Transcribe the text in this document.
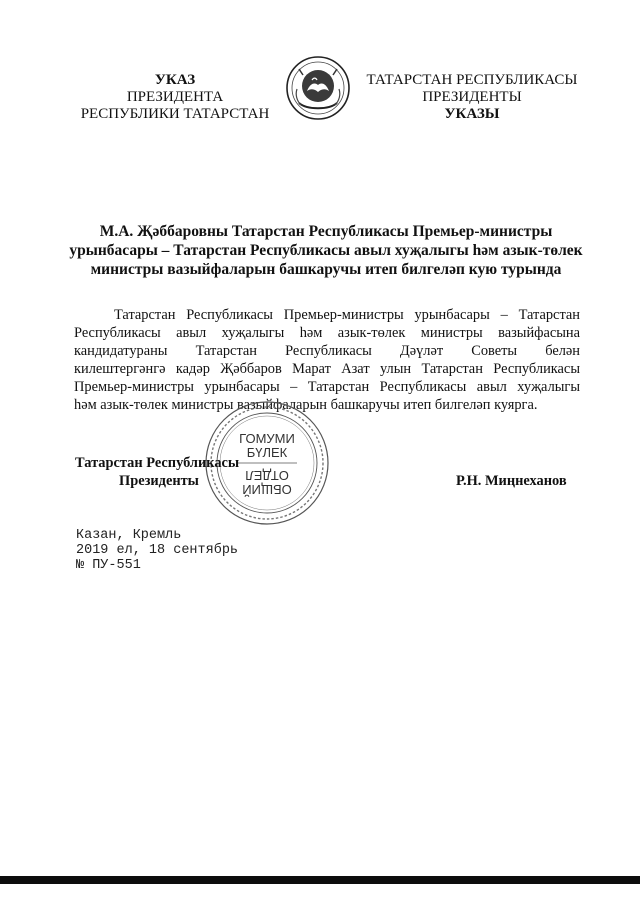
УКАЗ
ПРЕЗИДЕНТА
РЕСПУБЛИКИ ТАТАРСТАН
ТАТАРСТАН РЕСПУБЛИКАСЫ
ПРЕЗИДЕНТЫ
УКАЗЫ
М.А. Җәббаровны Татарстан Республикасы Премьер-министры
урынбасары – Татарстан Республикасы авыл хуҗалыгы һәм азык-төлек
министры вазыйфаларын башкаручы итеп билгеләп кую турында
Татарстан Республикасы Премьер-министры урынбасары – Татарстан
Республикасы авыл хуҗалыгы һәм азык-төлек министры вазыйфасына
кандидатураны Татарстан Республикасы Дәүләт Советы белән
килештергәнгә кадәр Җәббаров Марат Азат улын Татарстан Республикасы
Премьер-министры урынбасары – Татарстан Республикасы авыл хуҗалыгы
һәм азык-төлек министры вазыйфаларын башкаручы итеп билгеләп куярга.
ГОМУМИ
БҮЛЕК
ОТДЕЛ
ОБЩИЙ
Татарстан Республикасы
Президенты	Р.Н. Миңнеханов
Казан, Кремль
2019 ел, 18 сентябрь
№ ПУ-551
